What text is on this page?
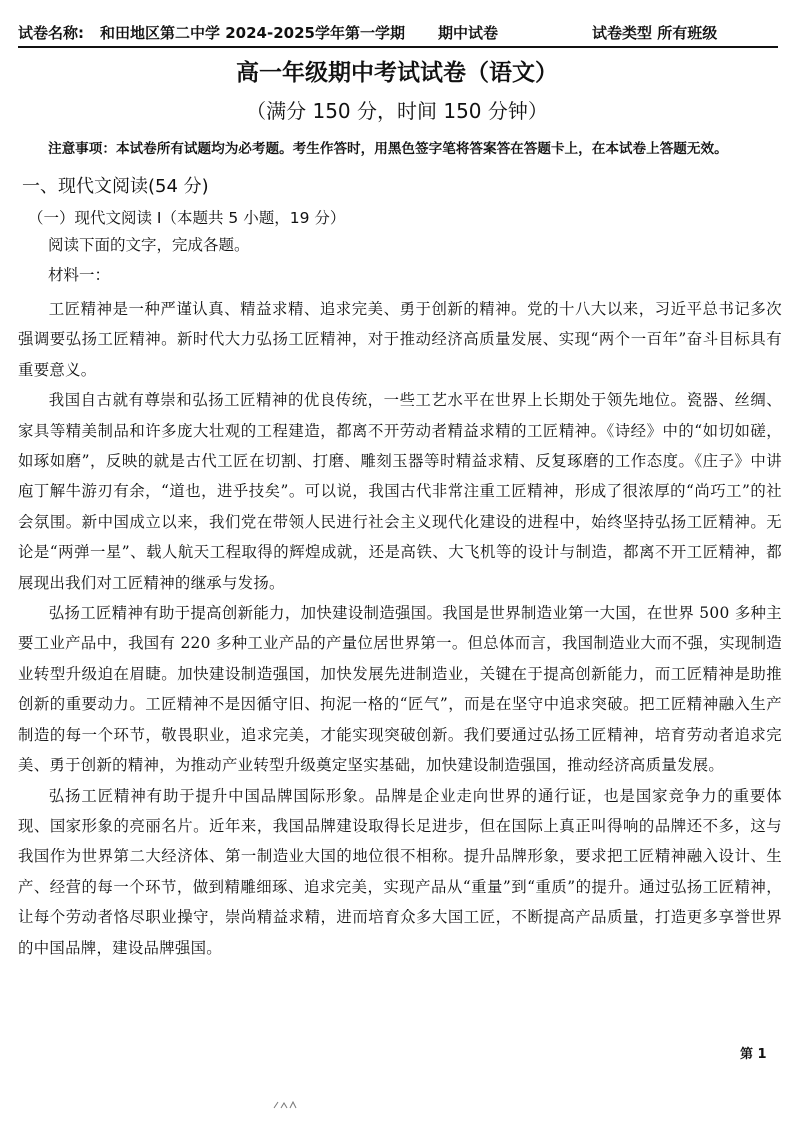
试卷名称: 和田地区第二中学 2024-2025学年第一学期 期中试卷	试卷类型 所有班级
高一年级期中考试试卷（语文）
（满分 150 分，时间 150 分钟）
注意事项：本试卷所有试题均为必考题。考生作答时，用黑色签字笔将答案答在答题卡上，在本试卷上答题无效。
一、现代文阅读(54 分)
（一）现代文阅读 I（本题共 5 小题，19 分）
阅读下面的文字，完成各题。
材料一：

工匠精神是一种严谨认真、精益求精、追求完美、勇于创新的精神。党的十八大以来，习近平总书记多次强调要弘扬工匠精神。新时代大力弘扬工匠精神，对于推动经济高质量发展、实现“两个一百年”奋斗目标具有重要意义。

我国自古就有尊崇和弘扬工匠精神的优良传统，一些工艺水平在世界上长期处于领先地位。瓷器、丝绸、家具等精美制品和许多庞大壮观的工程建造，都离不开劳动者精益求精的工匠精神。《诗经》中的“如切如磋，如琢如磨”，反映的就是古代工匠在切割、打磨、雕刻玉器等时精益求精、反复琢磨的工作态度。《庄子》中讲庖丁解牛游刃有余，“道也，进乎技矣”。可以说，我国古代非常注重工匠精神，形成了很浓厚的“尚巧工”的社会氛围。新中国成立以来，我们党在带领人民进行社会主义现代化建设的进程中，始终坚持弘扬工匠精神。无论是“两弹一星”、载人航天工程取得的辉煌成就，还是高铁、大飞机等的设计与制造，都离不开工匠精神，都展现出我们对工匠精神的继承与发扬。

弘扬工匠精神有助于提高创新能力，加快建设制造强国。我国是世界制造业第一大国，在世界 500 多种主要工业产品中，我国有 220 多种工业产品的产量位居世界第一。但总体而言，我国制造业大而不强，实现制造业转型升级迫在眉睫。加快建设制造强国，加快发展先进制造业，关键在于提高创新能力，而工匠精神是助推创新的重要动力。工匠精神不是因循守旧、拘泥一格的“匠气”，而是在坚守中追求突破。把工匠精神融入生产制造的每一个环节，敬畏职业，追求完美，才能实现突破创新。我们要通过弘扬工匠精神，培育劳动者追求完美、勇于创新的精神，为推动产业转型升级奠定坚实基础，加快建设制造强国，推动经济高质量发展。

弘扬工匠精神有助于提升中国品牌国际形象。品牌是企业走向世界的通行证，也是国家竞争力的重要体现、国家形象的亮丽名片。近年来，我国品牌建设取得长足进步，但在国际上真正叫得响的品牌还不多，这与我国作为世界第二大经济体、第一制造业大国的地位很不相称。提升品牌形象，要求把工匠精神融入设计、生产、经营的每一个环节，做到精雕细琢、追求完美，实现产品从“重量”到“重质”的提升。通过弘扬工匠精神，让每个劳动者恪尽职业操守，崇尚精益求精，进而培育众多大国工匠，不断提高产品质量，打造更多享誉世界的中国品牌，建设品牌强国。

第 1
